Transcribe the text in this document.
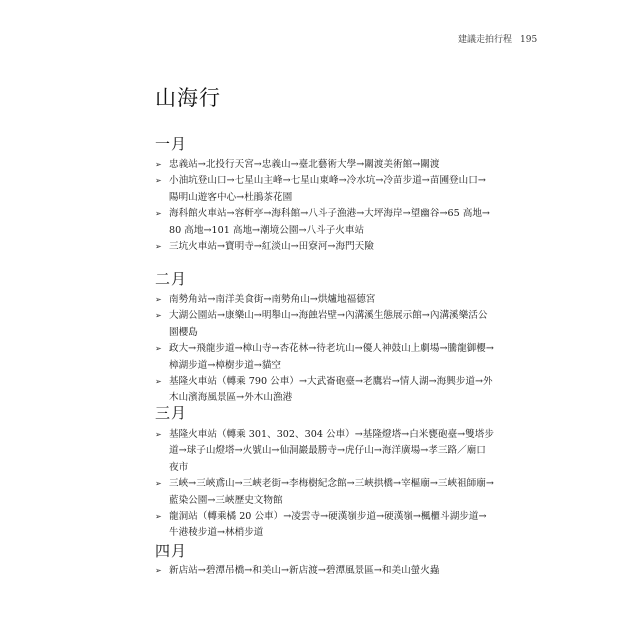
建議走拍行程 195
山海行
一月
➢ 忠義站→北投行天宮→忠義山→臺北藝術大學→關渡美術館→關渡
➢ 小油坑登山口→七星山主峰→七星山東峰→冷水坑→冷苗步道→苗圃登山口→陽明山遊客中心→杜鵑茶花園
➢ 海科館火車站→容軒亭→海科館→八斗子漁港→大坪海岸→望幽谷→65 高地→80 高地→101 高地→潮境公園→八斗子火車站
➢ 三坑火車站→寶明寺→紅淡山→田寮河→海門天險
二月
➢ 南勢角站→南洋美食街→南勢角山→烘爐地福德宮
➢ 大湖公園站→康樂山→明舉山→海蝕岩壁→內溝溪生態展示館→內溝溪樂活公園櫻島
➢ 政大→飛龍步道→樟山寺→杏花林→待老坑山→優人神鼓山上劇場→騰龍御櫻→樟湖步道→樟樹步道→貓空
➢ 基隆火車站（轉乘 790 公車）→大武崙砲臺→老鷹岩→情人湖→海興步道→外木山濱海風景區→外木山漁港
三月
➢ 基隆火車站（轉乘 301、302、304 公車）→基隆燈塔→白米甕砲臺→雙塔步道→球子山燈塔→火號山→仙洞巖最勝寺→虎仔山→海洋廣場→孝三路／廟口夜市
➢ 三峽→三峽鳶山→三峽老街→李梅樹紀念館→三峽拱橋→宰樞廟→三峽祖師廟→藍染公園→三峽歷史文物館
➢ 龍洞站（轉乘橘 20 公車）→凌雲寺→硬漢嶺步道→硬漢嶺→楓櫃斗湖步道→牛港稜步道→林梢步道
四月
➢ 新店站→碧潭吊橋→和美山→新店渡→碧潭風景區→和美山螢火蟲
